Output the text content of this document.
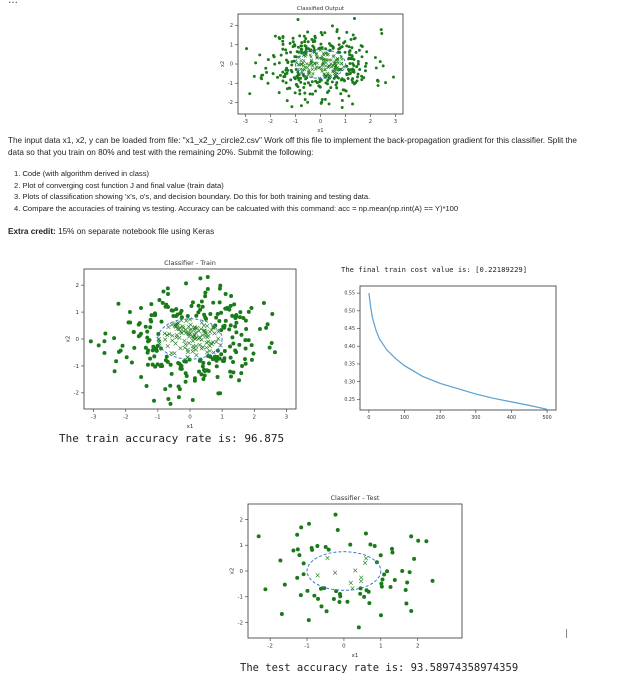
Classified Output
-3	-2	-1	0	1	2	3
-2
-1
0
1
2
x1
x2
The input data x1, x2, y can be loaded from file: "x1_x2_y_circle2.csv" Work off this file to implement the back-propagation gradient for this classifier. Split the
data so that you train on 80% and test with the remaining 20%. Submit the following:
1. Code (with algorithm derived in class)
2. Plot of converging cost function J and final value (train data)
3. Plots of classification showing 'x's, o's, and decision boundary. Do this for both training and testing data.
4. Compare the accuracies of training vs testing. Accuracy can be calcuated with this command: acc = np.mean(np.rint(A) == Y)*100
Extra credit: 15% on separate notebook file using Keras
Classifier - Train
-3	-2	-1	0	1	2	3
-2
-1
0
1
2
x1
x2
The train accuracy rate is: 96.875
The final train cost value is: [0.22189229]
0	100	200	300	400	500
0.25
0.30
0.35
0.40
0.45
0.50
0.55
Classifier - Test
-2	-1	0	1	2
-2
-1
0
1
2
x1
x2
The test accuracy rate is: 93.58974358974359
